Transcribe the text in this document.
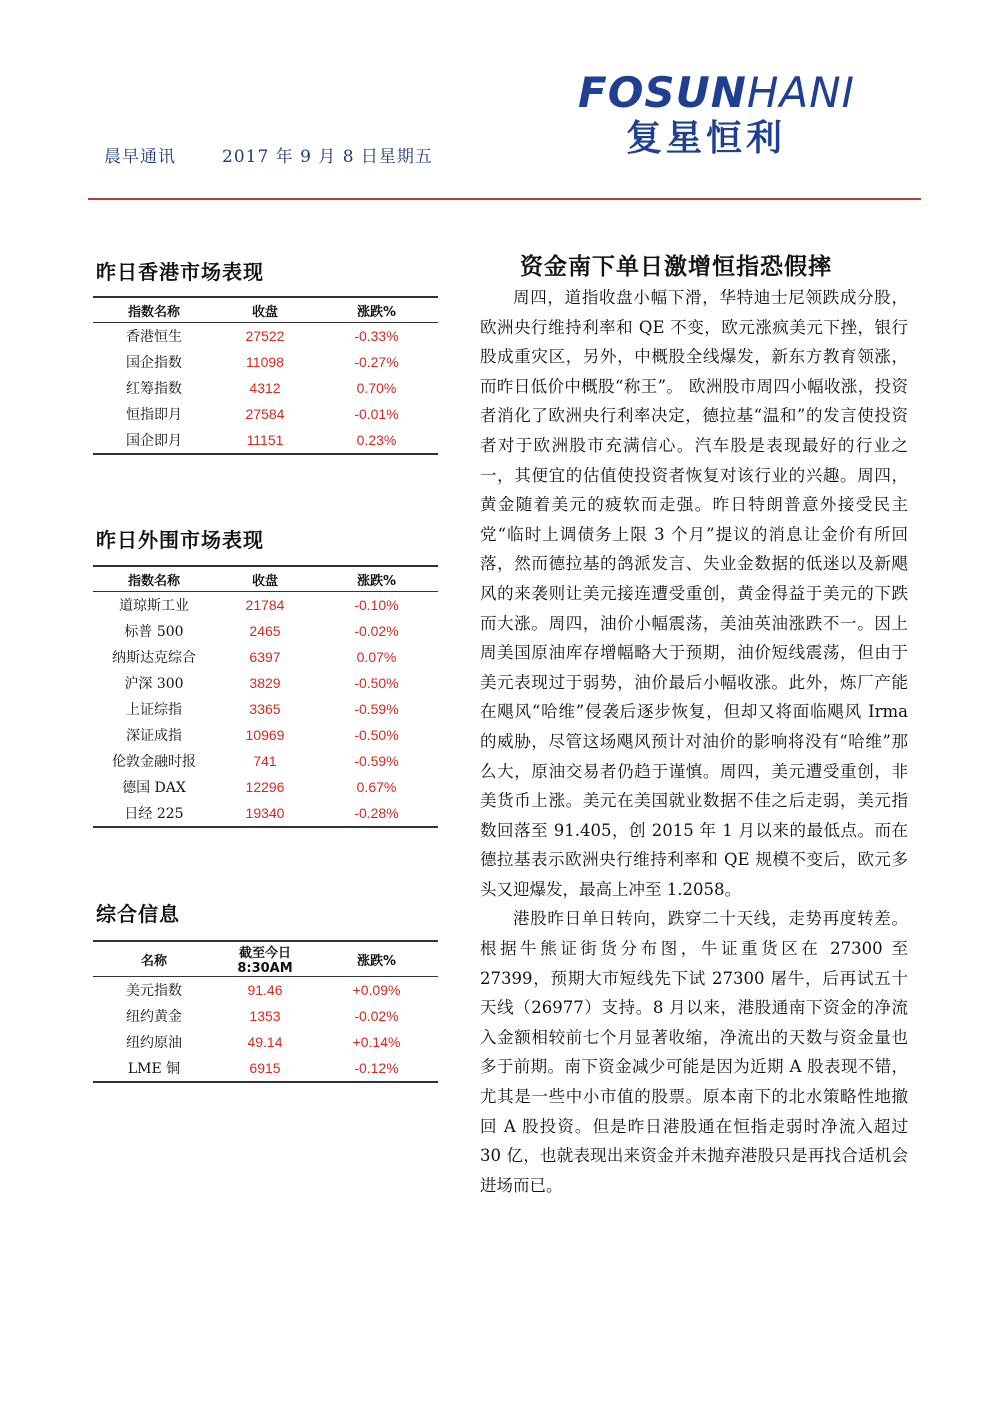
晨早通讯	2017 年 9 月 8 日星期五
FOSUNHANI
复星恒利
昨日香港市场表现
指数名称	收盘	涨跌%
香港恒生	27522	-0.33%
国企指数	11098	-0.27%
红筹指数	4312	0.70%
恒指即月	27584	-0.01%
国企即月	11151	0.23%
昨日外围市场表现
指数名称	收盘	涨跌%
道琼斯工业	21784	-0.10%
标普 500	2465	-0.02%
纳斯达克综合	6397	0.07%
沪深 300	3829	-0.50%
上证综指	3365	-0.59%
深证成指	10969	-0.50%
伦敦金融时报	741	-0.59%
德国 DAX	12296	0.67%
日经 225	19340	-0.28%
综合信息
名称	截至今日 8:30AM	涨跌%
美元指数	91.46	+0.09%
纽约黄金	1353	-0.02%
纽约原油	49.14	+0.14%
LME 铜	6915	-0.12%
资金南下单日激增恒指恐假摔

周四，道指收盘小幅下滑，华特迪士尼领跌成分股，欧洲央行维持利率和 QE 不变，欧元涨疯美元下挫，银行股成重灾区，另外，中概股全线爆发，新东方教育领涨，而昨日低价中概股“称王”。 欧洲股市周四小幅收涨，投资者消化了欧洲央行利率决定，德拉基“温和”的发言使投资者对于欧洲股市充满信心。汽车股是表现最好的行业之一，其便宜的估值使投资者恢复对该行业的兴趣。周四，黄金随着美元的疲软而走强。昨日特朗普意外接受民主党“临时上调债务上限 3 个月”提议的消息让金价有所回落，然而德拉基的鸽派发言、失业金数据的低迷以及新飓风的来袭则让美元接连遭受重创，黄金得益于美元的下跌而大涨。周四，油价小幅震荡，美油英油涨跌不一。因上周美国原油库存增幅略大于预期，油价短线震荡，但由于美元表现过于弱势，油价最后小幅收涨。此外，炼厂产能在飓风“哈维”侵袭后逐步恢复，但却又将面临飓风 Irma 的威胁，尽管这场飓风预计对油价的影响将没有“哈维”那么大，原油交易者仍趋于谨慎。周四，美元遭受重创，非美货币上涨。美元在美国就业数据不佳之后走弱，美元指数回落至 91.405，创 2015 年 1 月以来的最低点。而在德拉基表示欧洲央行维持利率和 QE 规模不变后，欧元多头又迎爆发，最高上冲至 1.2058。

港股昨日单日转向，跌穿二十天线，走势再度转差。根据牛熊证街货分布图，牛证重货区在 27300 至 27399，预期大市短线先下试 27300 屠牛，后再试五十天线（26977）支持。8 月以来，港股通南下资金的净流入金额相较前七个月显著收缩，净流出的天数与资金量也多于前期。南下资金减少可能是因为近期 A 股表现不错，尤其是一些中小市值的股票。原本南下的北水策略性地撤回 A 股投资。但是昨日港股通在恒指走弱时净流入超过 30 亿，也就表现出来资金并未抛弃港股只是再找合适机会进场而已。
